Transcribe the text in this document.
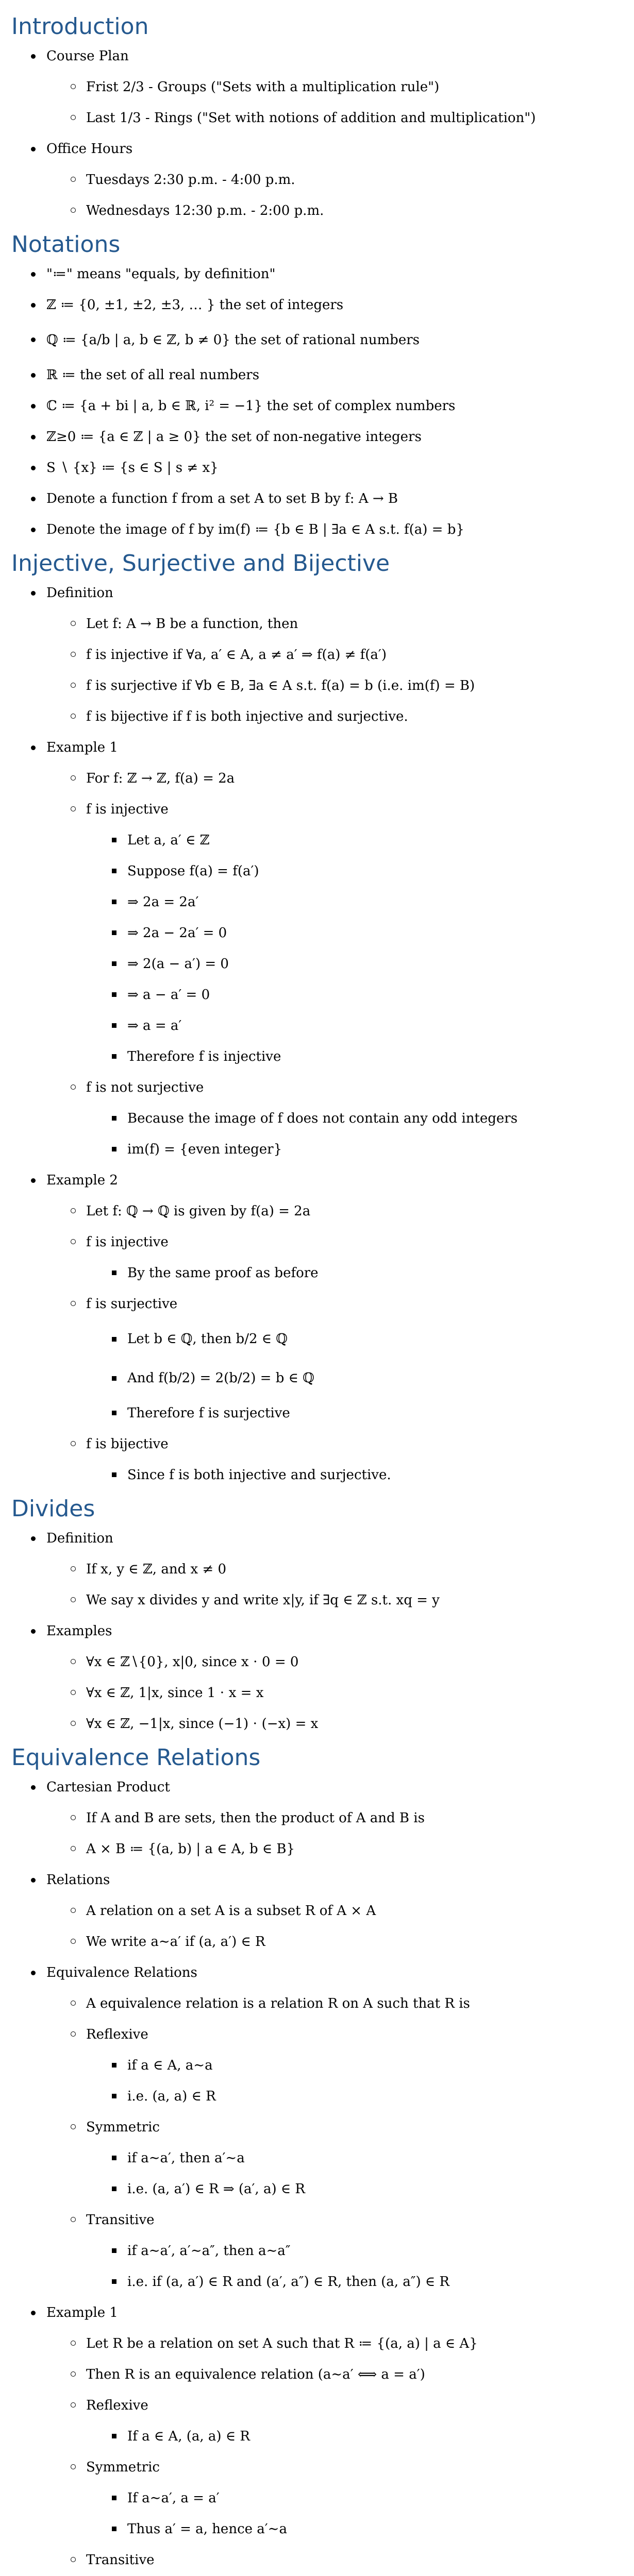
Introduction
Course Plan
Frist 2/3 - Groups ("Sets with a multiplication rule")
Last 1/3 - Rings ("Set with notions of addition and multiplication")
Office Hours
Tuesdays 2:30 p.m. - 4:00 p.m.
Wednesdays 12:30 p.m. - 2:00 p.m.
Notations
"≔" means "equals, by definition"
ℤ ≔ {0, ±1, ±2, ±3, … } the set of integers
ℚ ≔ {a/b | a, b ∈ ℤ, b ≠ 0} the set of rational numbers
ℝ ≔ the set of all real numbers
ℂ ≔ {a + bi | a, b ∈ ℝ, i² = −1} the set of complex numbers
ℤ≥0 ≔ {a ∈ ℤ | a ≥ 0} the set of non-negative integers
S ∖ {x} ≔ {s ∈ S | s ≠ x}
Denote a function f from a set A to set B by f: A → B
Denote the image of f by im(f) ≔ {b ∈ B | ∃a ∈ A s.t. f(a) = b}
Injective, Surjective and Bijective
Definition
Let f: A → B be a function, then
f is injective if ∀a, a′ ∈ A, a ≠ a′ ⇒ f(a) ≠ f(a′)
f is surjective if ∀b ∈ B, ∃a ∈ A s.t. f(a) = b (i.e. im(f) = B)
f is bijective if f is both injective and surjective.
Example 1
For f: ℤ → ℤ, f(a) = 2a
f is injective
Let a, a′ ∈ ℤ
Suppose f(a) = f(a′)
⇒ 2a = 2a′
⇒ 2a − 2a′ = 0
⇒ 2(a − a′) = 0
⇒ a − a′ = 0
⇒ a = a′
Therefore f is injective
f is not surjective
Because the image of f does not contain any odd integers
im(f) = {even integer}
Example 2
Let f: ℚ → ℚ is given by f(a) = 2a
f is injective
By the same proof as before
f is surjective
Let b ∈ ℚ, then b/2 ∈ ℚ
And f(b/2) = 2(b/2) = b ∈ ℚ
Therefore f is surjective
f is bijective
Since f is both injective and surjective.
Divides
Definition
If x, y ∈ ℤ, and x ≠ 0
We say x divides y and write x|y, if ∃q ∈ ℤ s.t. xq = y
Examples
∀x ∈ ℤ∖{0}, x|0, since x ⋅ 0 = 0
∀x ∈ ℤ, 1|x, since 1 ⋅ x = x
∀x ∈ ℤ, −1|x, since (−1) ⋅ (−x) = x
Equivalence Relations
Cartesian Product
If A and B are sets, then the product of A and B is
A × B ≔ {(a, b) | a ∈ A, b ∈ B}
Relations
A relation on a set A is a subset R of A × A
We write a∼a′ if (a, a′) ∈ R
Equivalence Relations
A equivalence relation is a relation R on A such that R is
Reflexive
if a ∈ A, a∼a
i.e. (a, a) ∈ R
Symmetric
if a∼a′, then a′∼a
i.e. (a, a′) ∈ R ⇒ (a′, a) ∈ R
Transitive
if a∼a′, a′∼a″, then a∼a″
i.e. if (a, a′) ∈ R and (a′, a″) ∈ R, then (a, a″) ∈ R
Example 1
Let R be a relation on set A such that R ≔ {(a, a) | a ∈ A}
Then R is an equivalence relation (a∼a′ ⟺ a = a′)
Reflexive
If a ∈ A, (a, a) ∈ R
Symmetric
If a∼a′, a = a′
Thus a′ = a, hence a′∼a
Transitive
